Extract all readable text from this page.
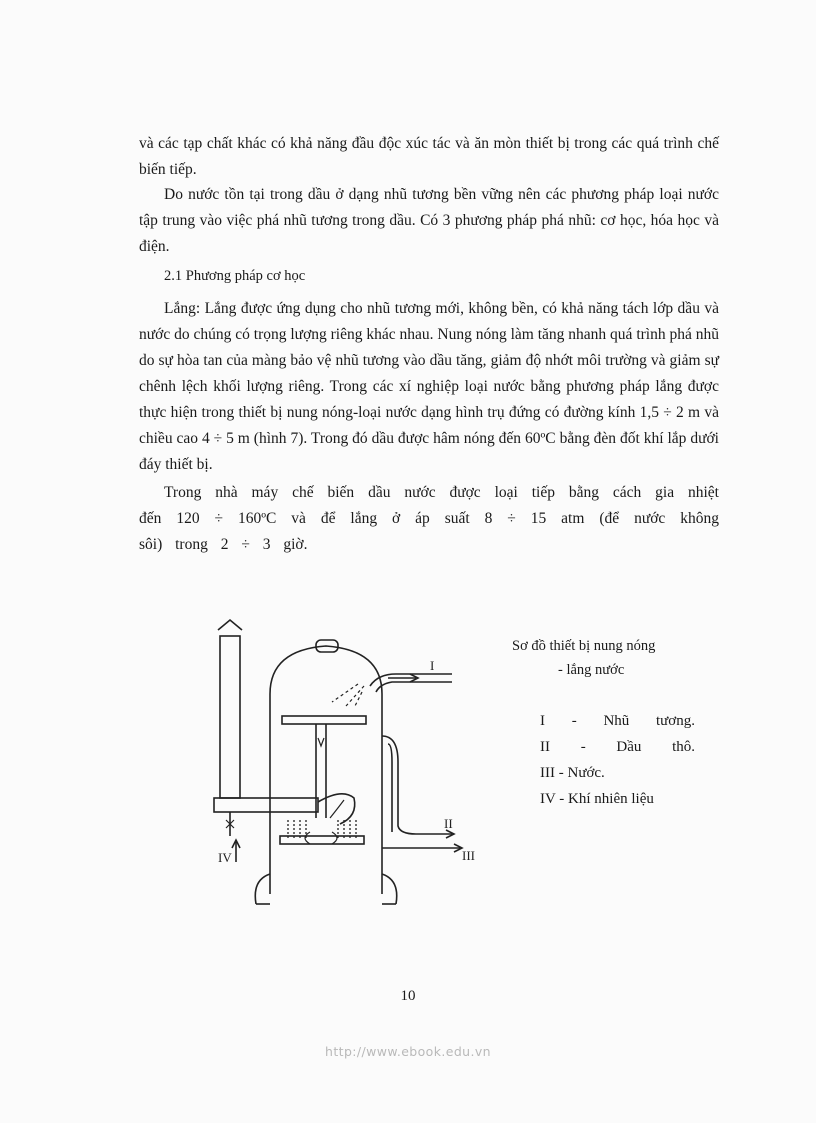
và các tạp chất khác có khả năng đầu độc xúc tác và ăn mòn thiết bị trong các quá trình chế biến tiếp.
Do nước tồn tại trong dầu ở dạng nhũ tương bền vững nên các phương pháp loại nước tập trung vào việc phá nhũ tương trong dầu. Có 3 phương pháp phá nhũ: cơ học, hóa học và điện.
2.1 Phương pháp cơ học
Lắng: Lắng được ứng dụng cho nhũ tương mới, không bền, có khả năng tách lớp dầu và nước do chúng có trọng lượng riêng khác nhau. Nung nóng làm tăng nhanh quá trình phá nhũ do sự hòa tan của màng bảo vệ nhũ tương vào dầu tăng, giảm độ nhớt môi trường và giảm sự chênh lệch khối lượng riêng. Trong các xí nghiệp loại nước bằng phương pháp lắng được thực hiện trong thiết bị nung nóng-loại nước dạng hình trụ đứng có đường kính 1,5 ÷ 2 m và chiều cao 4 ÷ 5 m (hình 7). Trong đó dầu được hâm nóng đến 60ºC bằng đèn đốt khí lắp dưới đáy thiết bị.
Trong nhà máy chế biến dầu nước được loại tiếp bằng cách gia nhiệt đến 120 ÷ 160ºC và để lắng ở áp suất 8 ÷ 15 atm (để nước không sôi) trong 2 ÷ 3 giờ.
I
II
III
IV
Sơ đồ thiết bị nung nóng
- lắng nước
I - Nhũ tương.
II - Dầu thô.
III - Nước.
IV - Khí nhiên liệu
10
http://www.ebook.edu.vn
